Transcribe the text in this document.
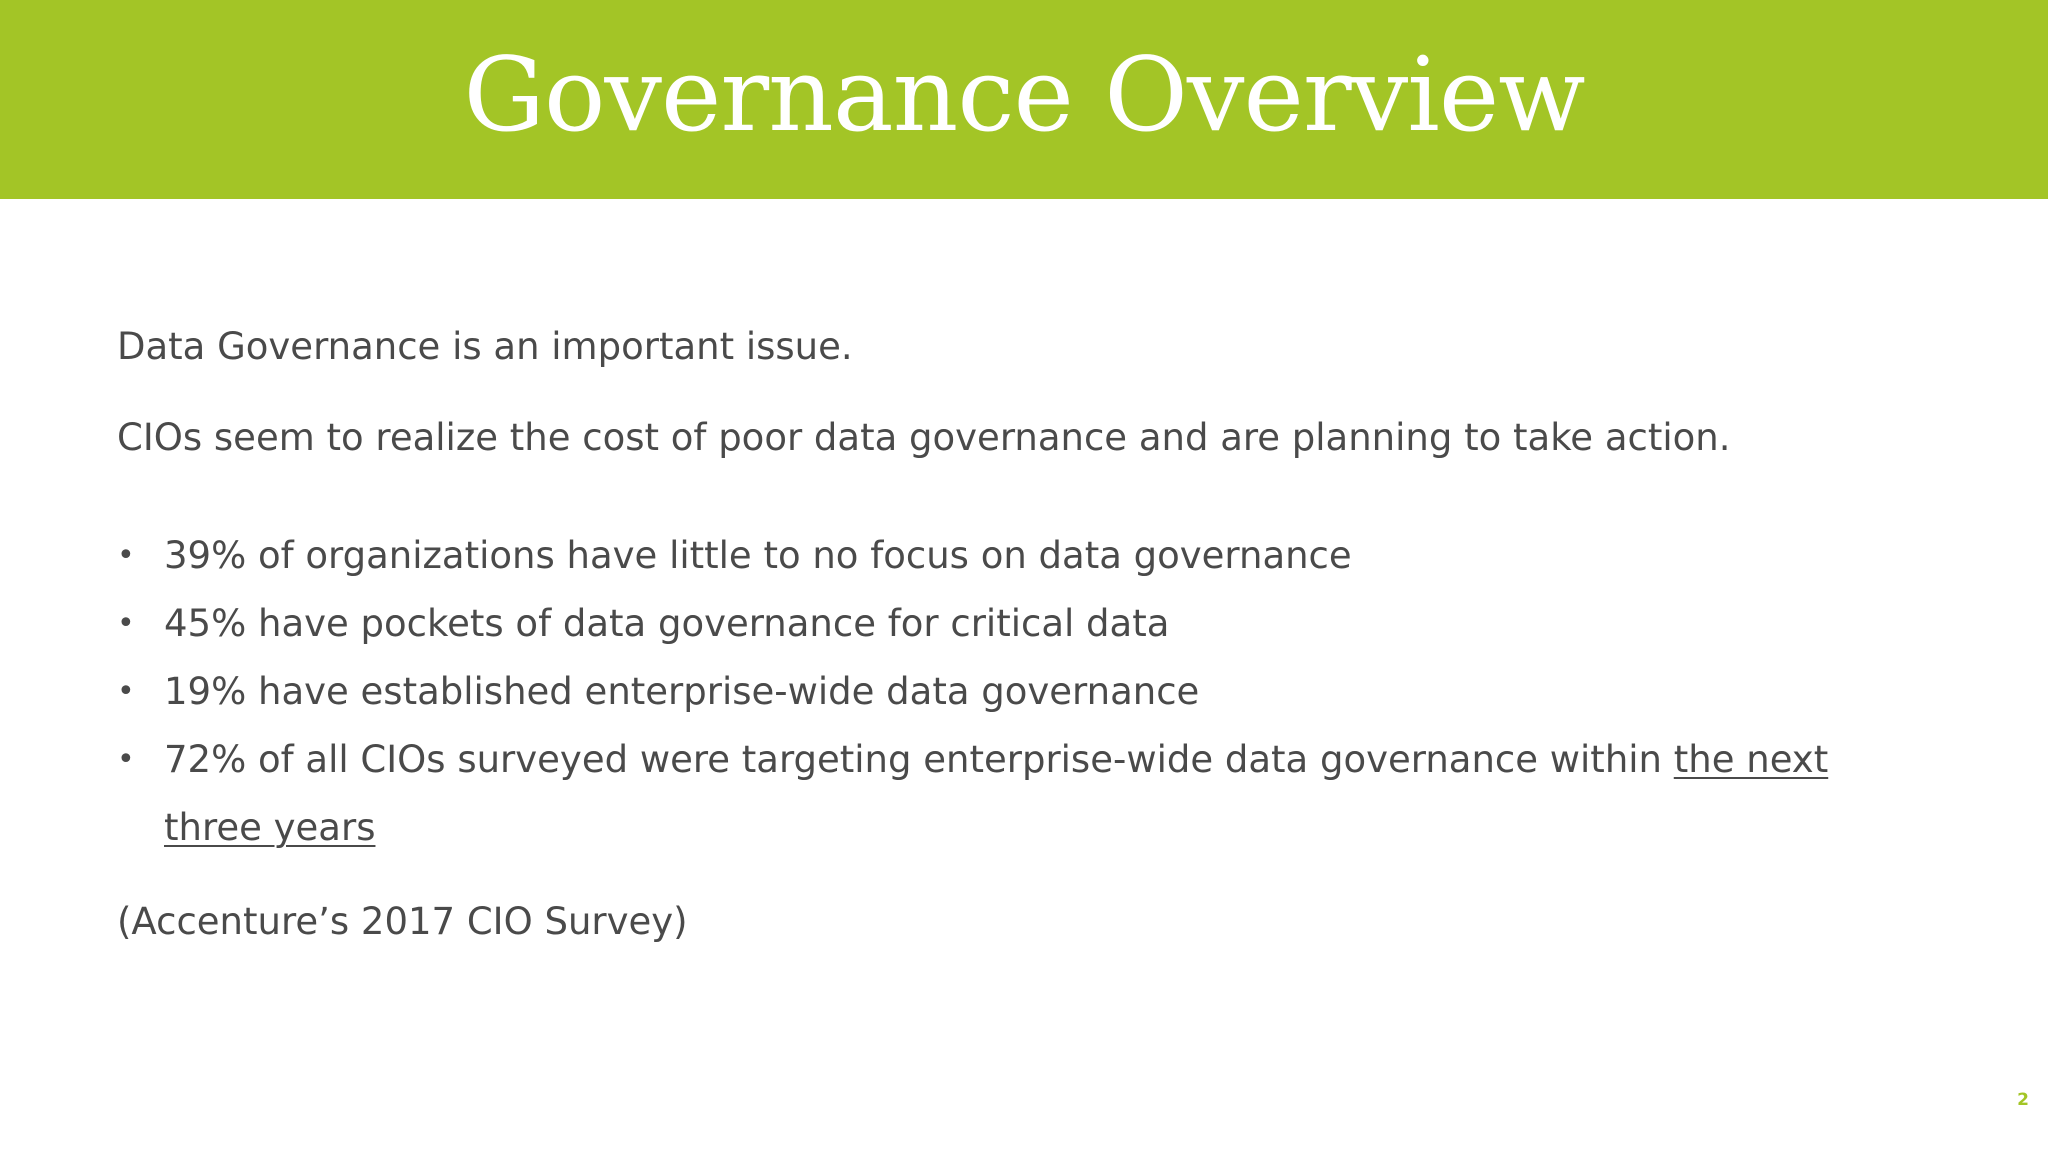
Governance Overview
Data Governance is an important issue.
CIOs seem to realize the cost of poor data governance and are planning to take action.
• 39% of organizations have little to no focus on data governance
• 45% have pockets of data governance for critical data
• 19% have established enterprise-wide data governance
• 72% of all CIOs surveyed were targeting enterprise-wide data governance within the next three years
(Accenture’s 2017 CIO Survey)
2
